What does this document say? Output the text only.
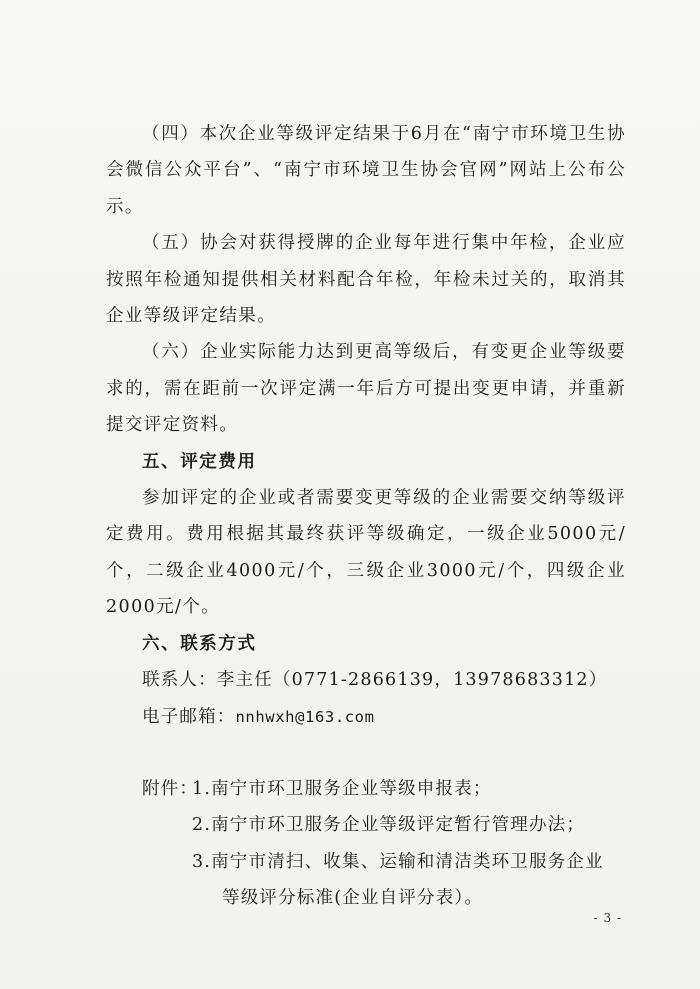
（四）本次企业等级评定结果于6月在“南宁市环境卫生协会微信公众平台”、“南宁市环境卫生协会官网”网站上公布公示。

（五）协会对获得授牌的企业每年进行集中年检，企业应按照年检通知提供相关材料配合年检，年检未过关的，取消其企业等级评定结果。

（六）企业实际能力达到更高等级后，有变更企业等级要求的，需在距前一次评定满一年后方可提出变更申请，并重新提交评定资料。

五、评定费用

参加评定的企业或者需要变更等级的企业需要交纳等级评定费用。费用根据其最终获评等级确定，一级企业5000元/个，二级企业4000元/个，三级企业3000元/个，四级企业2000元/个。

六、联系方式

联系人：李主任（0771-2866139，13978683312）

电子邮箱：nnhwxh@163.com

附件：
1.南宁市环卫服务企业等级申报表；
2.南宁市环卫服务企业等级评定暂行管理办法；
3.南宁市清扫、收集、运输和清洁类环卫服务企业
等级评分标准(企业自评分表）。
- 3 -
